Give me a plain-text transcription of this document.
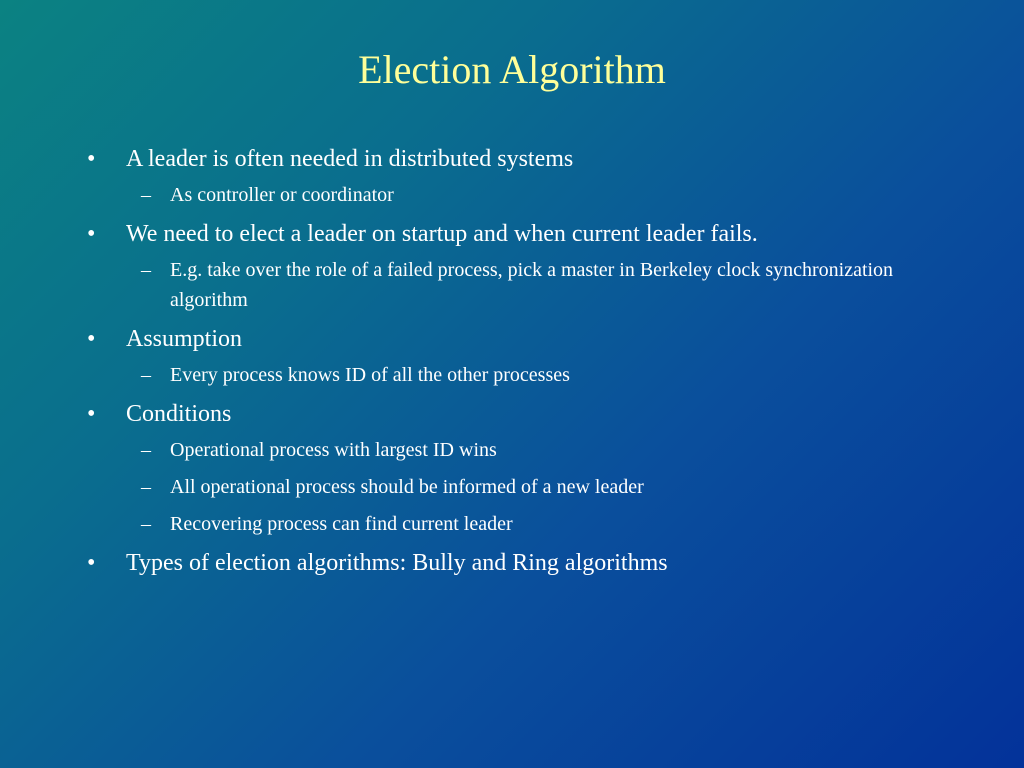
Election Algorithm
• A leader is often needed in distributed systems
– As controller or coordinator
• We need to elect a leader on startup and when current leader fails.
– E.g. take over the role of a failed process, pick a master in Berkeley clock synchronization algorithm
• Assumption
– Every process knows ID of all the other processes
• Conditions
– Operational process with largest ID wins
– All operational process should be informed of a new leader
– Recovering process can find current leader
• Types of election algorithms: Bully and Ring algorithms
